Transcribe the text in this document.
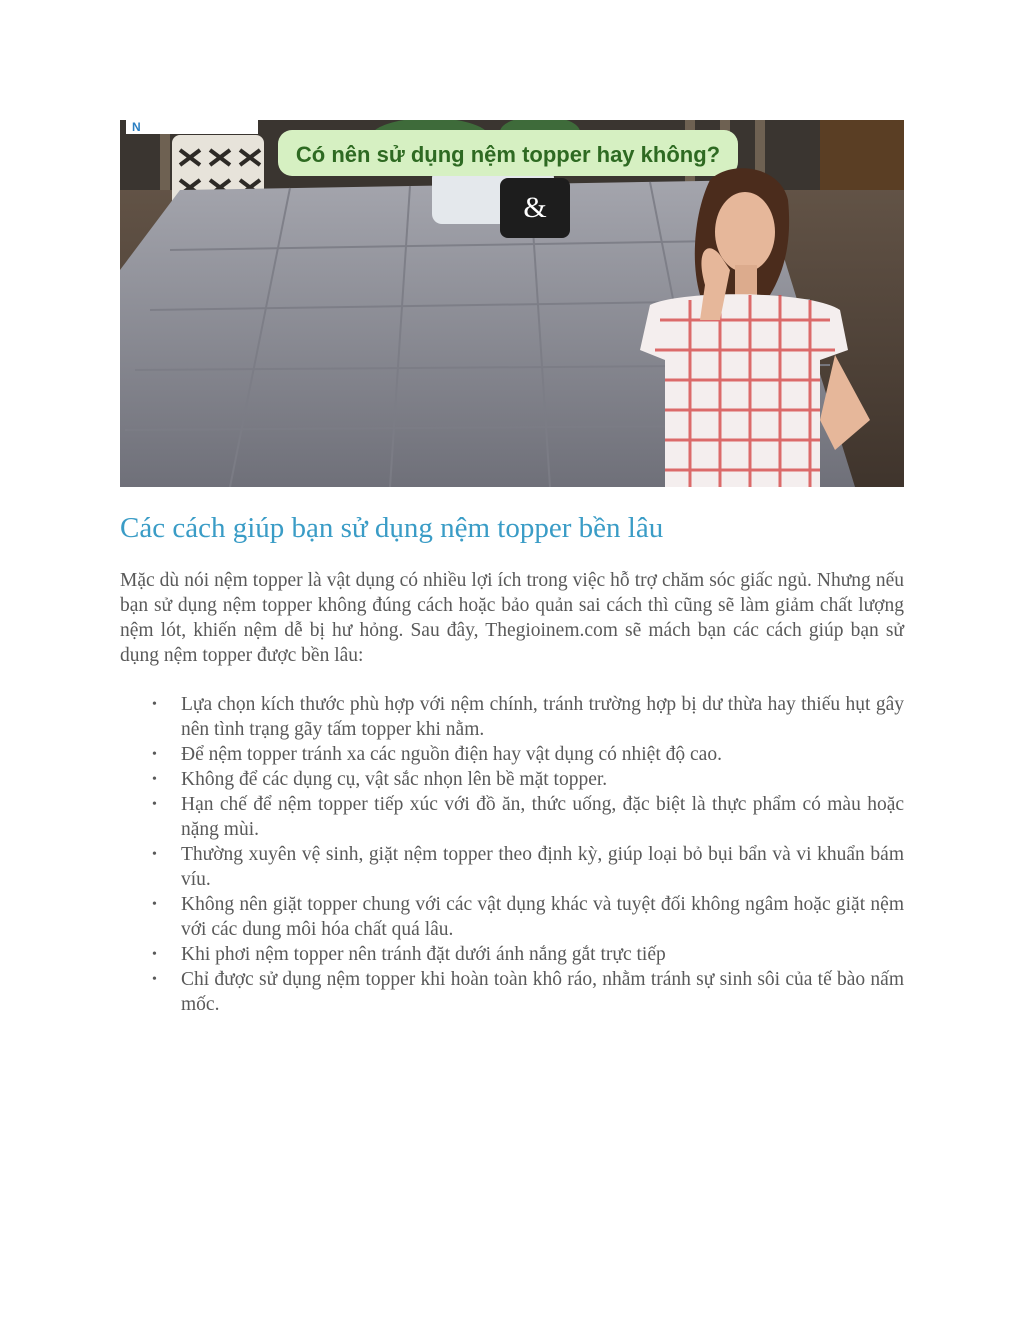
&
Có nên sử dụng nệm topper hay không?
N
Các cách giúp bạn sử dụng nệm topper bền lâu

Mặc dù nói nệm topper là vật dụng có nhiều lợi ích trong việc hỗ trợ chăm sóc giấc ngủ. Nhưng nếu bạn sử dụng nệm topper không đúng cách hoặc bảo quản sai cách thì cũng sẽ làm giảm chất lượng nệm lót, khiến nệm dễ bị hư hỏng. Sau đây, Thegioinem.com sẽ mách bạn các cách giúp bạn sử dụng nệm topper được bền lâu:

• Lựa chọn kích thước phù hợp với nệm chính, tránh trường hợp bị dư thừa hay thiếu hụt gây nên tình trạng gãy tấm topper khi nằm.
• Để nệm topper tránh xa các nguồn điện hay vật dụng có nhiệt độ cao.
• Không để các dụng cụ, vật sắc nhọn lên bề mặt topper.
• Hạn chế để nệm topper tiếp xúc với đồ ăn, thức uống, đặc biệt là thực phẩm có màu hoặc nặng mùi.
• Thường xuyên vệ sinh, giặt nệm topper theo định kỳ, giúp loại bỏ bụi bẩn và vi khuẩn bám víu.
• Không nên giặt topper chung với các vật dụng khác và tuyệt đối không ngâm hoặc giặt nệm với các dung môi hóa chất quá lâu.
• Khi phơi nệm topper nên tránh đặt dưới ánh nắng gắt trực tiếp
• Chỉ được sử dụng nệm topper khi hoàn toàn khô ráo, nhằm tránh sự sinh sôi của tế bào nấm mốc.
